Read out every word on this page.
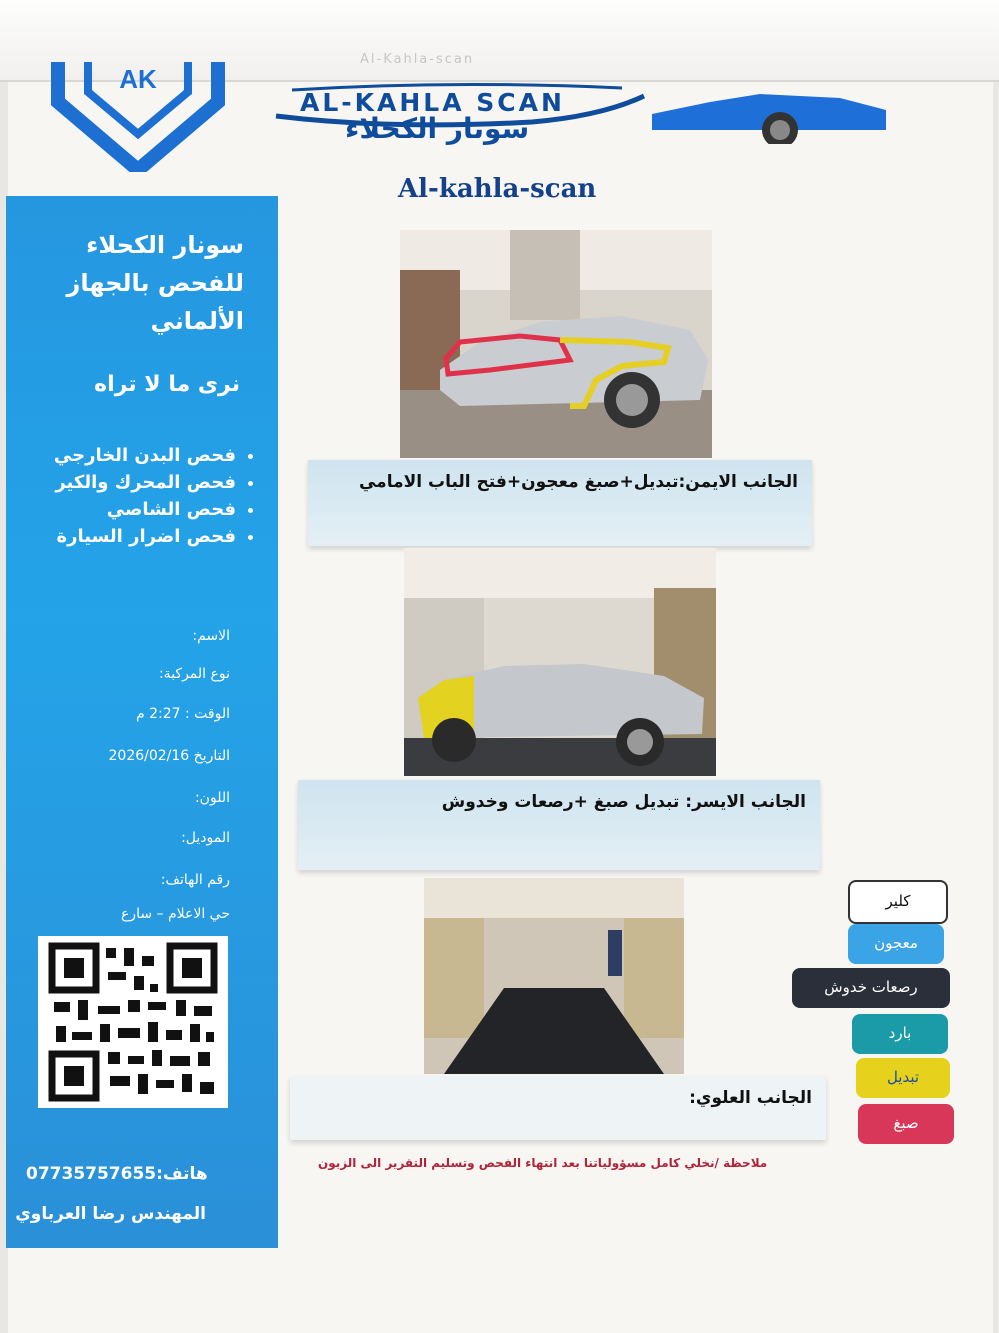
Al-Kahla-scan
AK
AL-KAHLA SCAN
سونار الكحلاء
Al-kahla-scan
سونار الكحلاء للفحص بالجهاز الألماني
نرى ما لا تراه
• فحص البدن الخارجي
• فحص المحرك والكير
• فحص الشاصي
• فحص اضرار السيارة
الاسم:
نوع المركبة:
الوقت : 2:27 م
التاريخ 2026/02/16
اللون:
الموديل:
رقم الهاتف:
حي الاعلام – سارع
هاتف:07735757655
المهندس رضا العرباوي
الجانب الايمن:تبديل+صبغ معجون+فتح الباب الامامي
الجانب الايسر: تبديل صبغ +رصعات وخدوش
الجانب العلوي:
كلير
معجون
رصعات خدوش
بارد
تبديل
صبغ
ملاحظة /نخلي كامل مسؤولياتنا بعد انتهاء الفحص وتسليم التقرير الى الزبون
